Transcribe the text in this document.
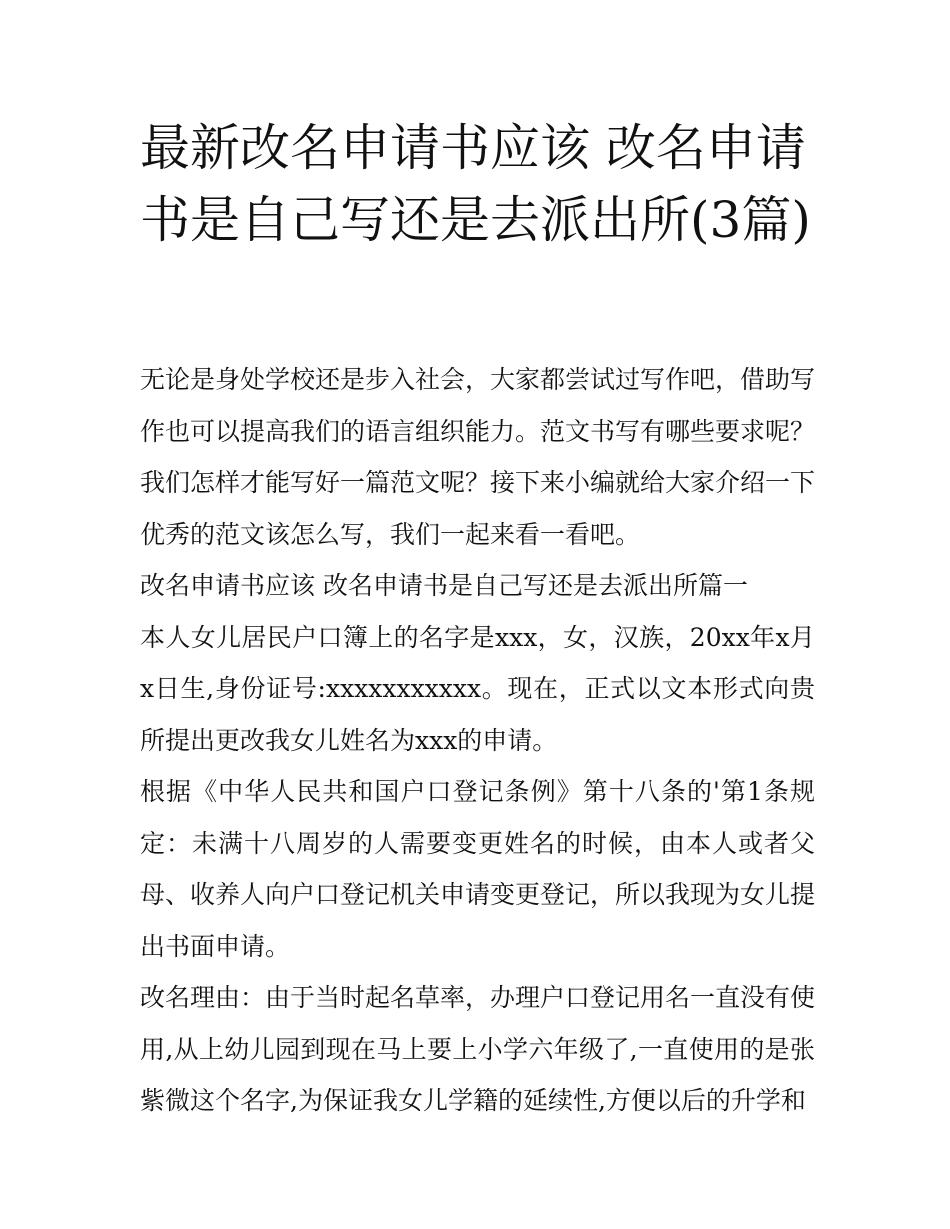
最新改名申请书应该 改名申请书是自己写还是去派出所(3篇)

无论是身处学校还是步入社会，大家都尝试过写作吧，借助写作也可以提高我们的语言组织能力。范文书写有哪些要求呢？我们怎样才能写好一篇范文呢？接下来小编就给大家介绍一下优秀的范文该怎么写，我们一起来看一看吧。

改名申请书应该 改名申请书是自己写还是去派出所篇一

本人女儿居民户口簿上的名字是xxx，女，汉族，20xx年x月x日生,身份证号:xxxxxxxxxxx。现在，正式以文本形式向贵所提出更改我女儿姓名为xxx的申请。

根据《中华人民共和国户口登记条例》第十八条的'第1条规定：未满十八周岁的人需要变更姓名的时候，由本人或者父母、收养人向户口登记机关申请变更登记，所以我现为女儿提出书面申请。

改名理由：由于当时起名草率，办理户口登记用名一直没有使用,从上幼儿园到现在马上要上小学六年级了,一直使用的是张紫微这个名字,为保证我女儿学籍的延续性,方便以后的升学和
